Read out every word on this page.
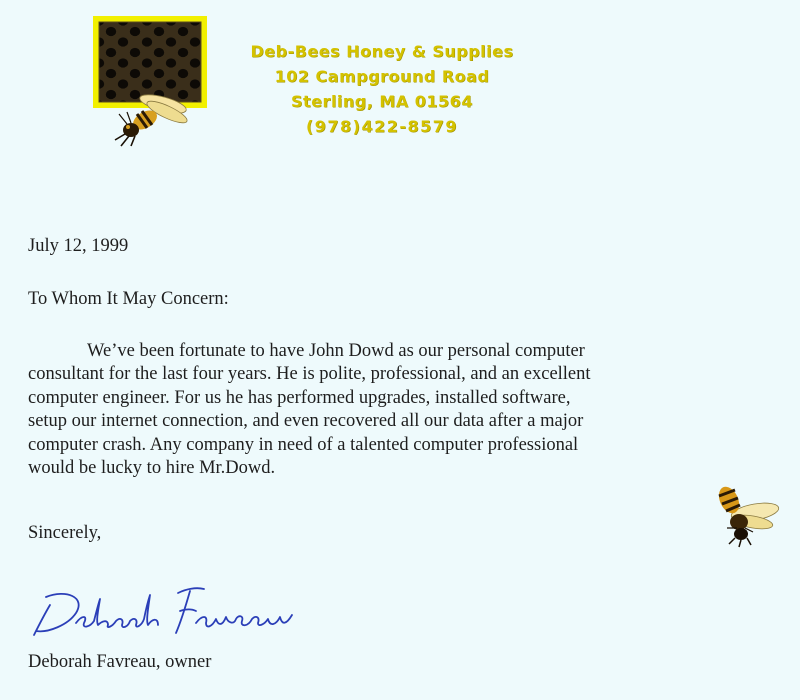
Deb-Bees Honey & Supplies
102 Campground Road
Sterling, MA 01564
(978)422-8579
July 12, 1999
To Whom It May Concern:
We’ve been fortunate to have John Dowd as our personal computer
consultant for the last four years. He is polite, professional, and an excellent
computer engineer. For us he has performed upgrades, installed software,
setup our internet connection, and even recovered all our data after a major
computer crash. Any company in need of a talented computer professional
would be lucky to hire Mr.Dowd.
Sincerely,
Deborah Favreau, owner
